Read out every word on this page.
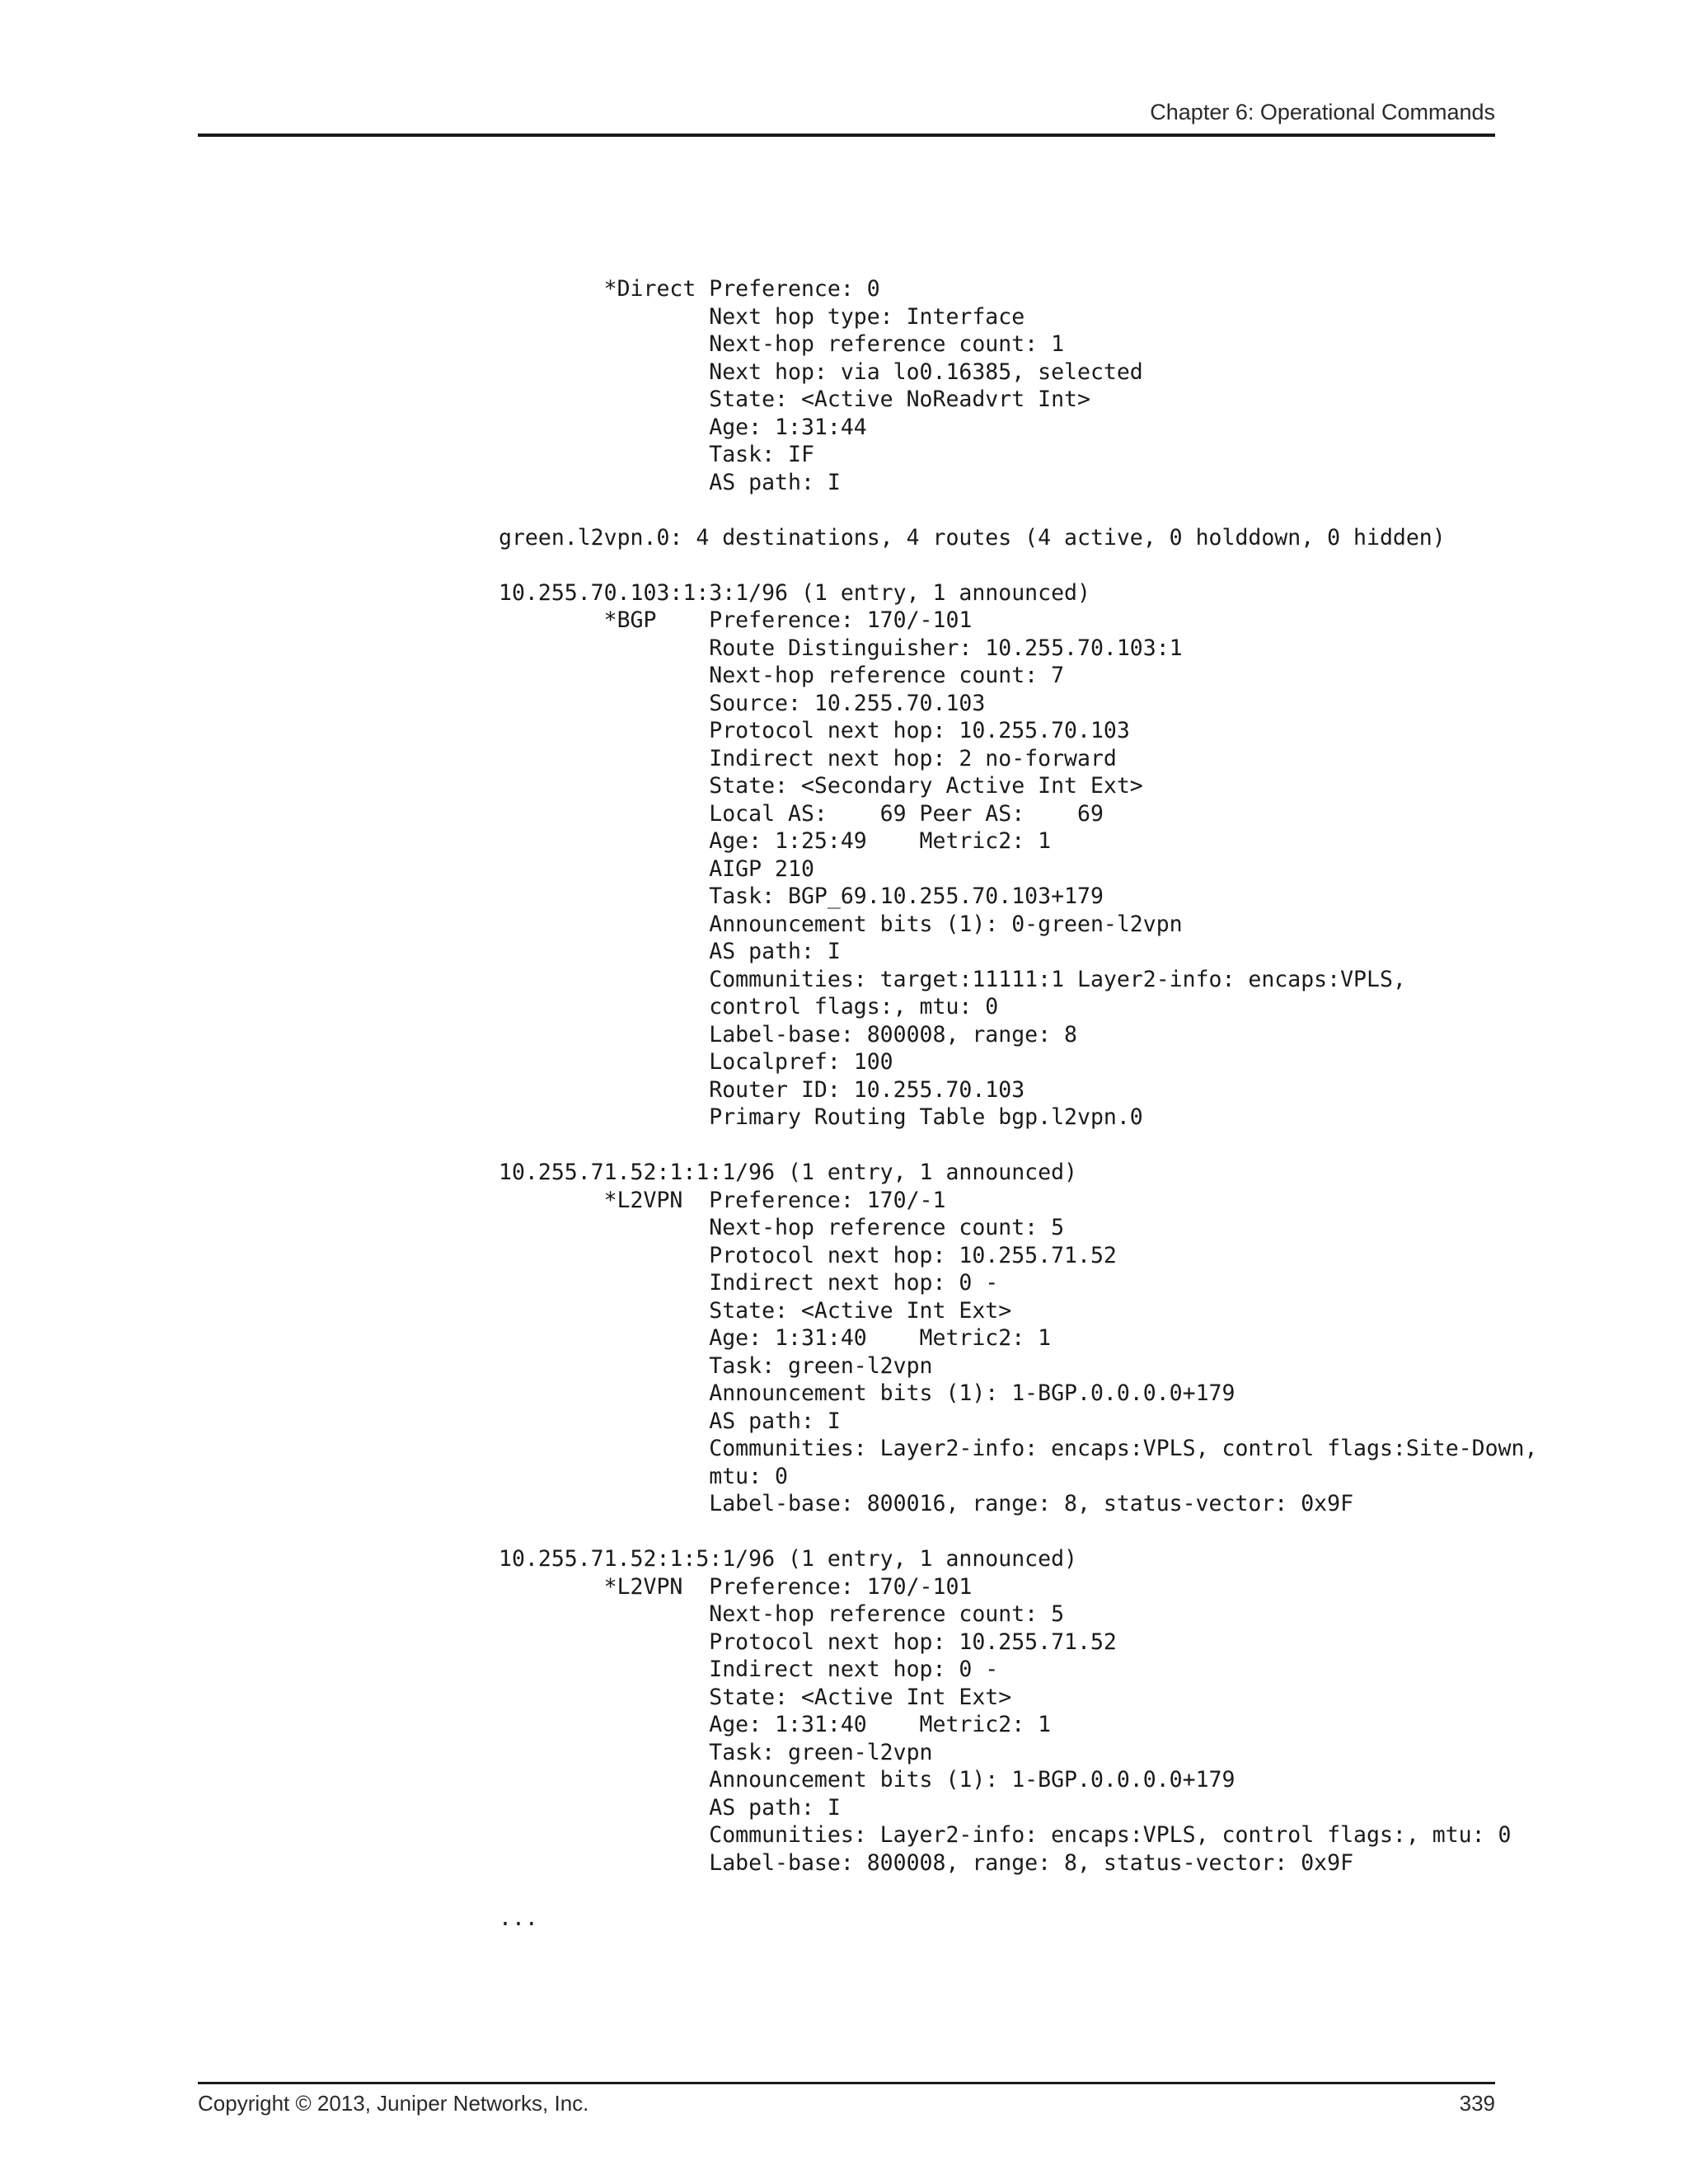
Chapter 6: Operational Commands
*Direct Preference: 0
Next hop type: Interface
Next-hop reference count: 1
Next hop: via lo0.16385, selected
State: <Active NoReadvrt Int>
Age: 1:31:44
Task: IF
AS path: I
green.l2vpn.0: 4 destinations, 4 routes (4 active, 0 holddown, 0 hidden)
10.255.70.103:1:3:1/96 (1 entry, 1 announced)
*BGP    Preference: 170/-101
Route Distinguisher: 10.255.70.103:1
Next-hop reference count: 7
Source: 10.255.70.103
Protocol next hop: 10.255.70.103
Indirect next hop: 2 no-forward
State: <Secondary Active Int Ext>
Local AS:    69 Peer AS:    69
Age: 1:25:49    Metric2: 1
AIGP 210
Task: BGP_69.10.255.70.103+179
Announcement bits (1): 0-green-l2vpn
AS path: I
Communities: target:11111:1 Layer2-info: encaps:VPLS,
control flags:, mtu: 0
Label-base: 800008, range: 8
Localpref: 100
Router ID: 10.255.70.103
Primary Routing Table bgp.l2vpn.0
10.255.71.52:1:1:1/96 (1 entry, 1 announced)
*L2VPN  Preference: 170/-1
Next-hop reference count: 5
Protocol next hop: 10.255.71.52
Indirect next hop: 0 -
State: <Active Int Ext>
Age: 1:31:40    Metric2: 1
Task: green-l2vpn
Announcement bits (1): 1-BGP.0.0.0.0+179
AS path: I
Communities: Layer2-info: encaps:VPLS, control flags:Site-Down,
mtu: 0
Label-base: 800016, range: 8, status-vector: 0x9F
10.255.71.52:1:5:1/96 (1 entry, 1 announced)
*L2VPN  Preference: 170/-101
Next-hop reference count: 5
Protocol next hop: 10.255.71.52
Indirect next hop: 0 -
State: <Active Int Ext>
Age: 1:31:40    Metric2: 1
Task: green-l2vpn
Announcement bits (1): 1-BGP.0.0.0.0+179
AS path: I
Communities: Layer2-info: encaps:VPLS, control flags:, mtu: 0
Label-base: 800008, range: 8, status-vector: 0x9F
...
Copyright © 2013, Juniper Networks, Inc.	339
